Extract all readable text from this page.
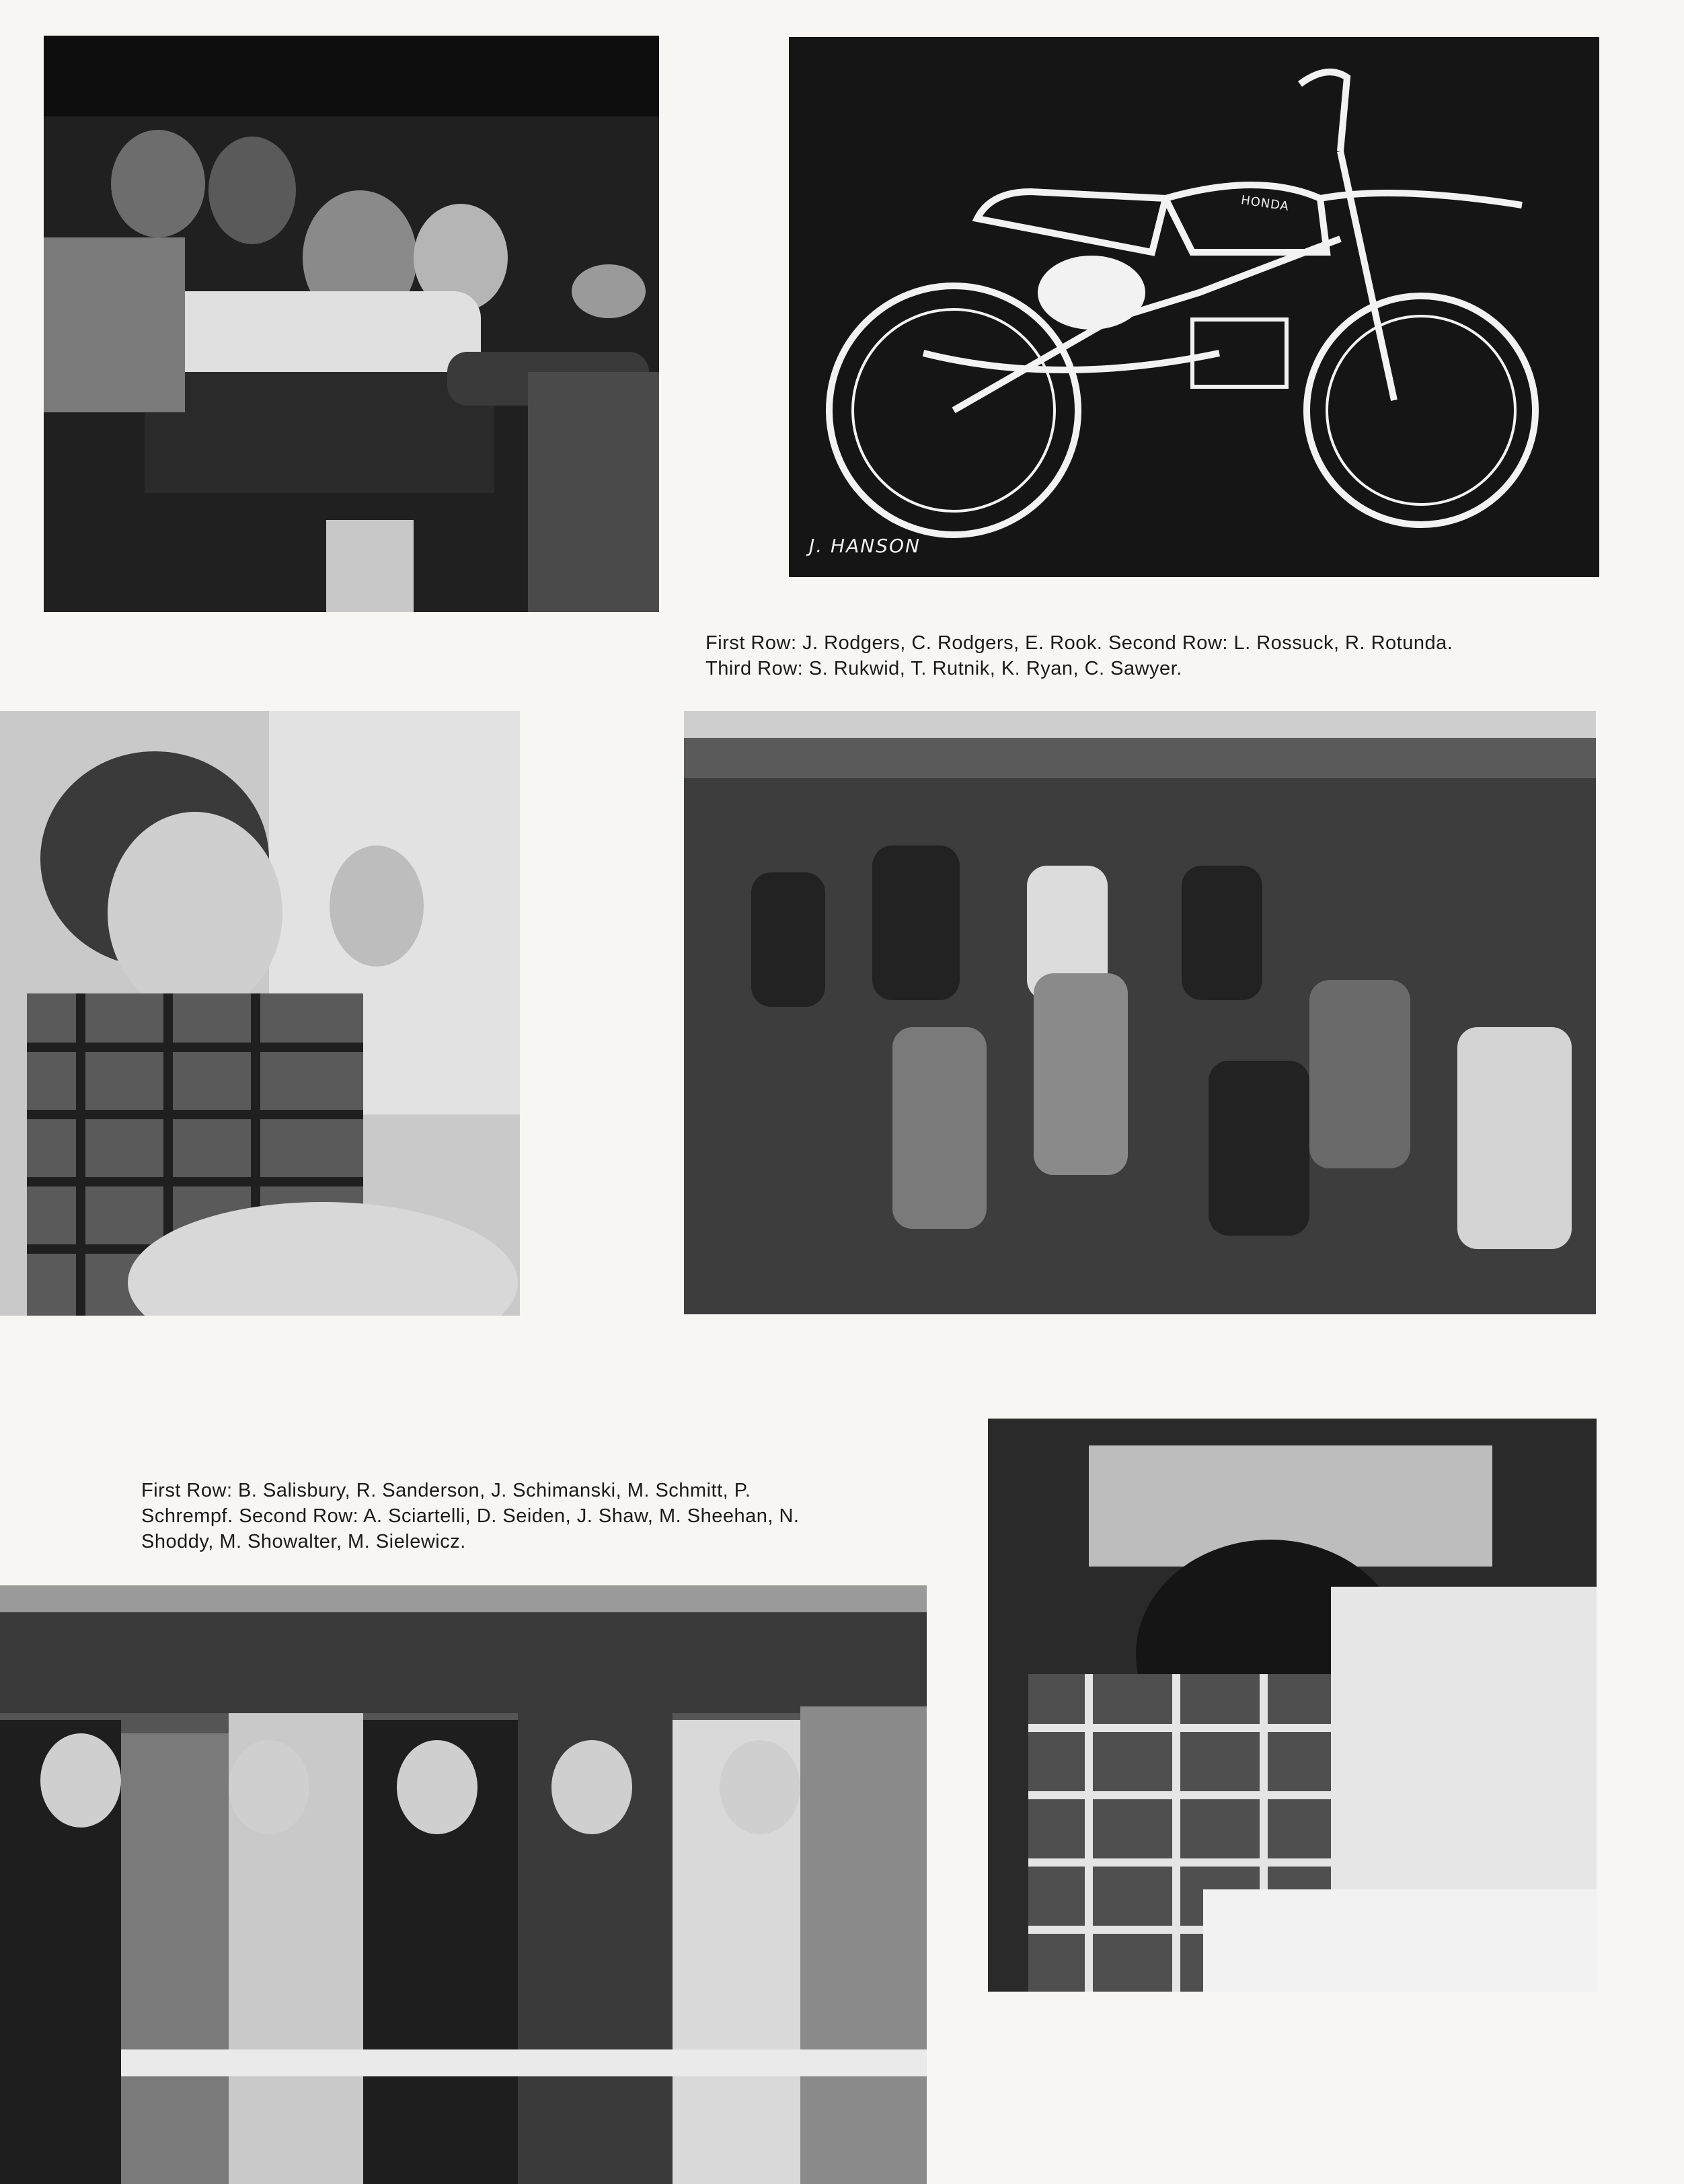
HONDA
J. HANSON
First Row: J. Rodgers, C. Rodgers, E. Rook. Second Row: L. Rossuck, R. Rotunda.
Third Row: S. Rukwid, T. Rutnik, K. Ryan, C. Sawyer.
First Row: B. Salisbury, R. Sanderson, J. Schimanski, M. Schmitt, P.
Schrempf. Second Row: A. Sciartelli, D. Seiden, J. Shaw, M. Sheehan, N.
Shoddy, M. Showalter, M. Sielewicz.
